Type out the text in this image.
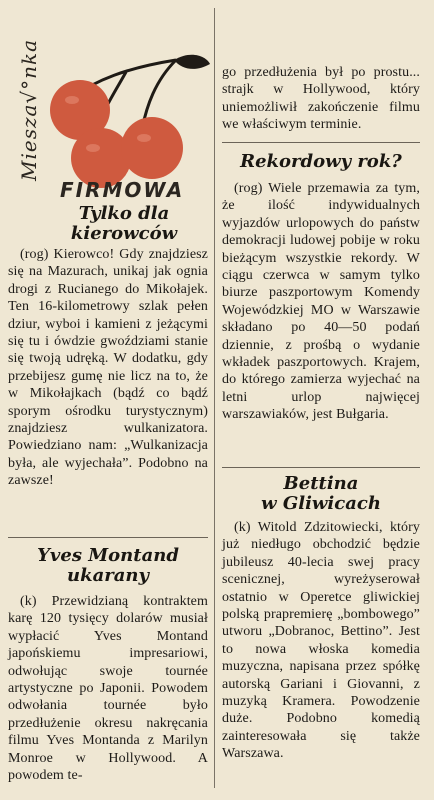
Miesza√°nka
FIRMOWA
Tylko dla
kierowców

(rog) Kierowco! Gdy znajdziesz się na Mazurach, unikaj jak ognia drogi z Rucianego do Mikołajek. Ten 16-kilometrowy szlak pełen dziur, wyboi i kamieni z jeżącymi się tu i ówdzie gwoździami stanie się twoją udręką. W dodatku, gdy przebijesz gumę nie licz na to, że w Mikołajkach (bądź co bądź sporym ośrodku turystycznym) znajdziesz wulkanizatora. Powiedziano nam: „Wulkanizacja była, ale wyjechała”. Podobno na zawsze!

Yves Montand
ukarany

(k) Przewidzianą kontraktem karę 120 tysięcy dolarów musiał wypłacić Yves Montand japońskiemu impresariowi, odwołując swoje tournée artystyczne po Japonii. Powodem odwołania tournée było przedłużenie okresu nakręcania filmu Yves Montanda z Marilyn Monroe w Hollywood. A powodem te-

go przedłużenia był po prostu... strajk w Hollywood, który uniemożliwił zakończenie filmu we właściwym terminie.

Rekordowy rok?

(rog) Wiele przemawia za tym, że ilość indywidualnych wyjazdów urlopowych do państw demokracji ludowej pobije w roku bieżącym wszystkie rekordy. W ciągu czerwca w samym tylko biurze paszportowym Komendy Wojewódzkiej MO w Warszawie składano po 40—50 podań dziennie, z prośbą o wydanie wkładek paszportowych. Krajem, do którego zamierza wyjechać na letni urlop najwięcej warszawiaków, jest Bułgaria.

Bettina
w Gliwicach

(k) Witold Zdzitowiecki, który już niedługo obchodzić będzie jubileusz 40-lecia swej pracy scenicznej, wyreżyserował ostatnio w Operetce gliwickiej polską prapremierę „bombowego” utworu „Dobranoc, Bettino”. Jest to nowa włoska komedia muzyczna, napisana przez spółkę autorską Gariani i Giovanni, z muzyką Kramera. Powodzenie duże. Podobno komedią zainteresowała się także Warszawa.
